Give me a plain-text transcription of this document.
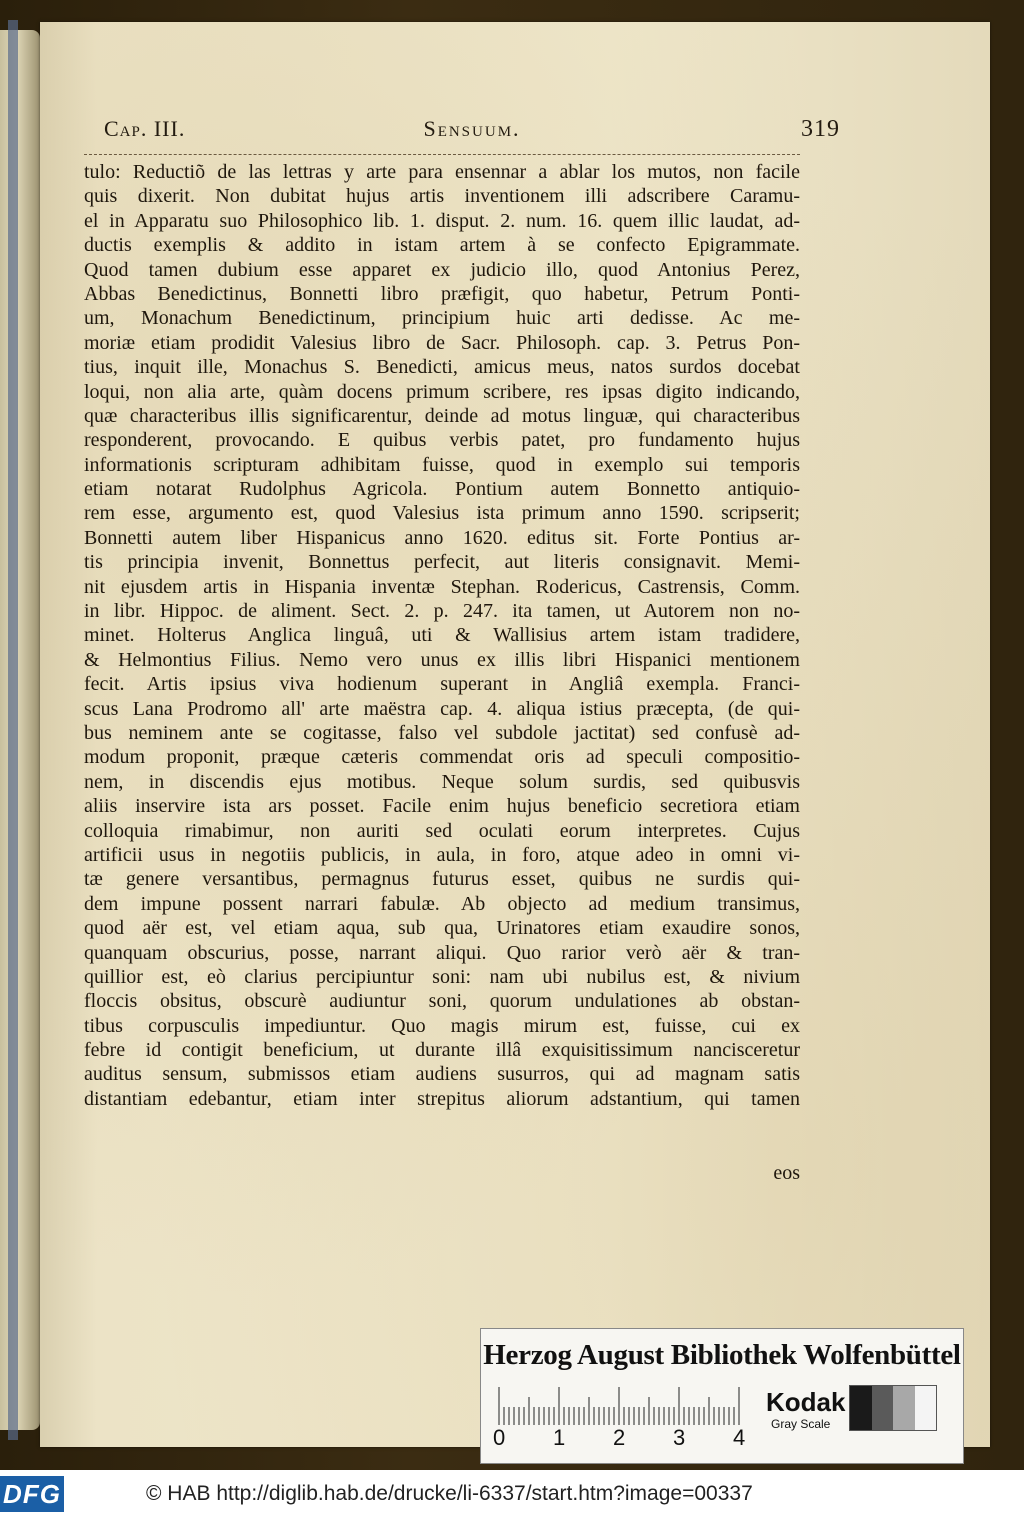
Cap. III.	Sensuum.	319
tulo: Reductiõ de las lettras y arte para ensennar a ablar los mutos, non facile
quis dixerit. Non dubitat hujus artis inventionem illi adscribere Caramu-
el in Apparatu suo Philosophico lib. 1. disput. 2. num. 16. quem illic laudat, ad-
ductis exemplis & addito in istam artem à se confecto Epigrammate.
Quod tamen dubium esse apparet ex judicio illo, quod Antonius Perez,
Abbas Benedictinus, Bonnetti libro præfigit, quo habetur, Petrum Ponti-
um, Monachum Benedictinum, principium huic arti dedisse. Ac me-
moriæ etiam prodidit Valesius libro de Sacr. Philosoph. cap. 3. Petrus Pon-
tius, inquit ille, Monachus S. Benedicti, amicus meus, natos surdos docebat
loqui, non alia arte, quàm docens primum scribere, res ipsas digito indicando,
quæ characteribus illis significarentur, deinde ad motus linguæ, qui characteribus
responderent, provocando. E quibus verbis patet, pro fundamento hujus
informationis scripturam adhibitam fuisse, quod in exemplo sui temporis
etiam notarat Rudolphus Agricola. Pontium autem Bonnetto antiquio-
rem esse, argumento est, quod Valesius ista primum anno 1590. scripserit;
Bonnetti autem liber Hispanicus anno 1620. editus sit. Forte Pontius ar-
tis principia invenit, Bonnettus perfecit, aut literis consignavit. Memi-
nit ejusdem artis in Hispania inventæ Stephan. Rodericus, Castrensis, Comm.
in libr. Hippoc. de aliment. Sect. 2. p. 247. ita tamen, ut Autorem non no-
minet. Holterus Anglica linguâ, uti & Wallisius artem istam tradidere,
& Helmontius Filius. Nemo vero unus ex illis libri Hispanici mentionem
fecit. Artis ipsius viva hodienum superant in Angliâ exempla. Franci-
scus Lana Prodromo all' arte maëstra cap. 4. aliqua istius præcepta, (de qui-
bus neminem ante se cogitasse, falso vel subdole jactitat) sed confusè ad-
modum proponit, præque cæteris commendat oris ad speculi compositio-
nem, in discendis ejus motibus. Neque solum surdis, sed quibusvis
aliis inservire ista ars posset. Facile enim hujus beneficio secretiora etiam
colloquia rimabimur, non auriti sed oculati eorum interpretes. Cujus
artificii usus in negotiis publicis, in aula, in foro, atque adeo in omni vi-
tæ genere versantibus, permagnus futurus esset, quibus ne surdis qui-
dem impune possent narrari fabulæ. Ab objecto ad medium transimus,
quod aër est, vel etiam aqua, sub qua, Urinatores etiam exaudire sonos,
quanquam obscurius, posse, narrant aliqui. Quo rarior verò aër & tran-
quillior est, eò clarius percipiuntur soni: nam ubi nubilus est, & nivium
floccis obsitus, obscurè audiuntur soni, quorum undulationes ab obstan-
tibus corpusculis impediuntur. Quo magis mirum est, fuisse, cui ex
febre id contigit beneficium, ut durante illâ exquisitissimum nancisceretur
auditus sensum, submissos etiam audiens susurros, qui ad magnam satis
distantiam edebantur, etiam inter strepitus aliorum adstantium, qui tamen
eos
Herzog August Bibliothek Wolfenbüttel
0 1 2 3 4
Kodak
Gray Scale
DFG	© HAB http://diglib.hab.de/drucke/li-6337/start.htm?image=00337
